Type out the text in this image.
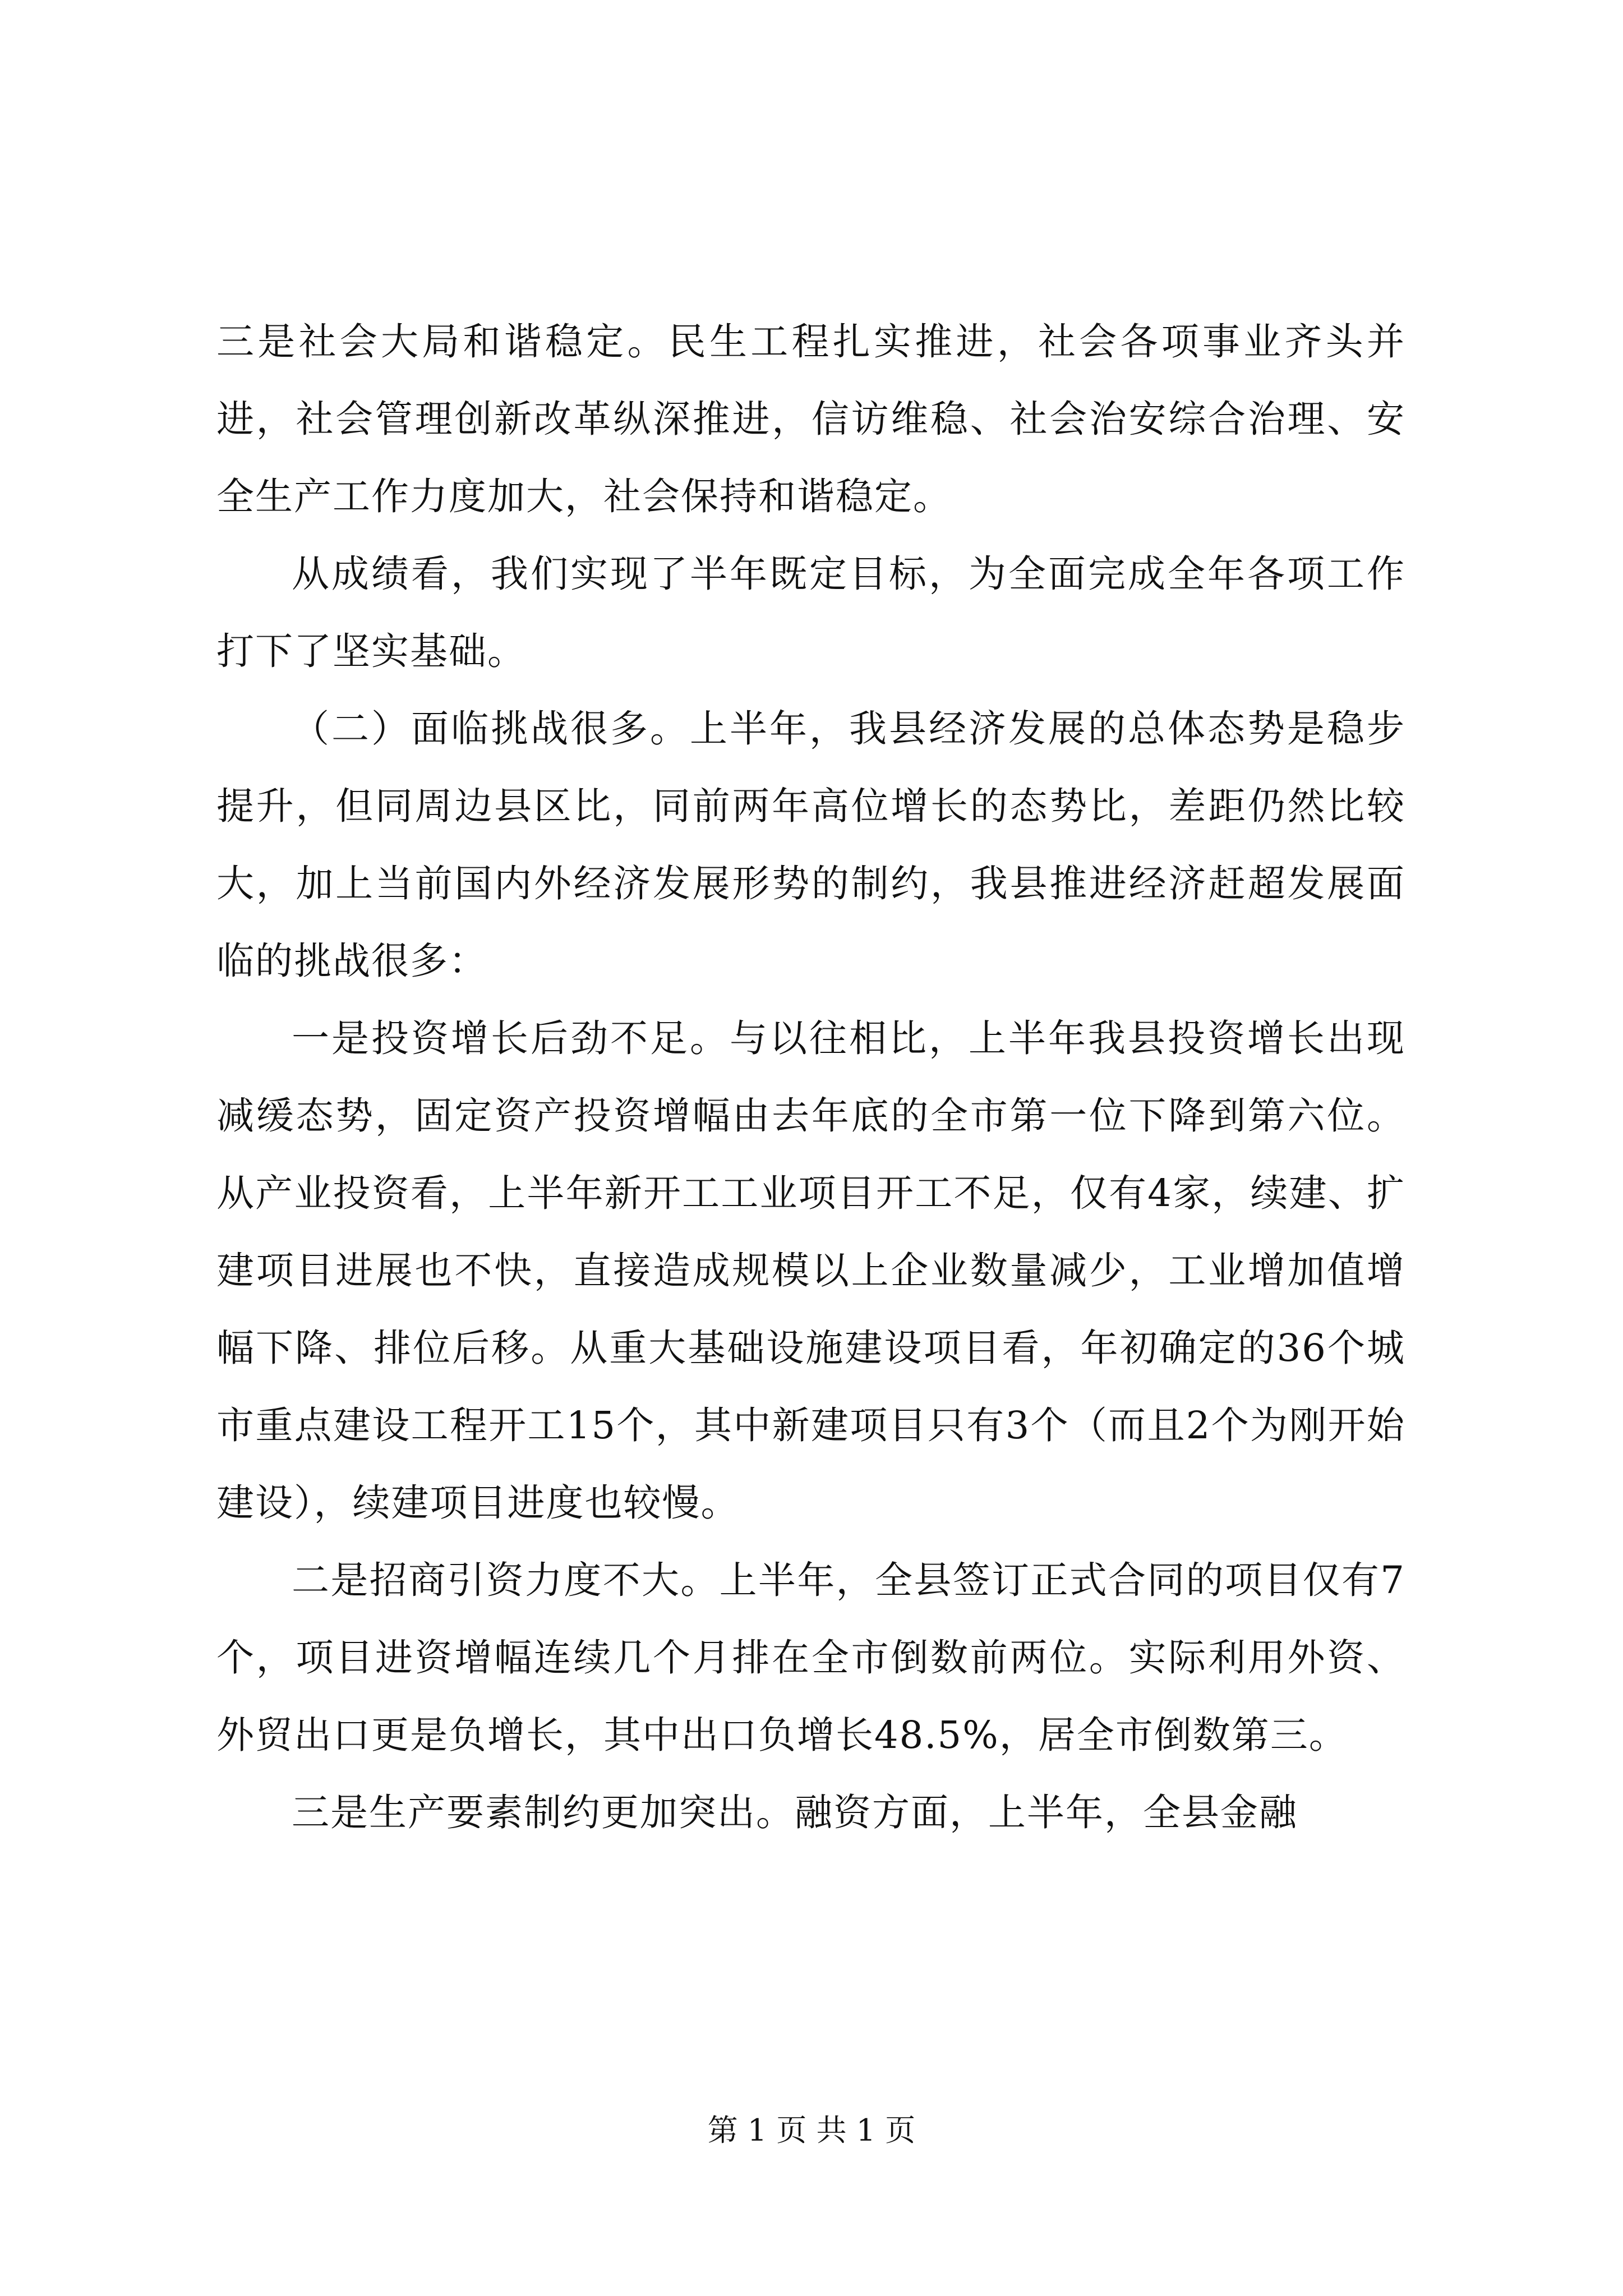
三是社会大局和谐稳定。民生工程扎实推进，社会各项事业齐头并进，社会管理创新改革纵深推进，信访维稳、社会治安综合治理、安全生产工作力度加大，社会保持和谐稳定。

从成绩看，我们实现了半年既定目标，为全面完成全年各项工作打下了坚实基础。

（二）面临挑战很多。上半年，我县经济发展的总体态势是稳步提升，但同周边县区比，同前两年高位增长的态势比，差距仍然比较大，加上当前国内外经济发展形势的制约，我县推进经济赶超发展面临的挑战很多：

一是投资增长后劲不足。与以往相比，上半年我县投资增长出现减缓态势，固定资产投资增幅由去年底的全市第一位下降到第六位。从产业投资看，上半年新开工工业项目开工不足，仅有4家，续建、扩建项目进展也不快，直接造成规模以上企业数量减少，工业增加值增幅下降、排位后移。从重大基础设施建设项目看，年初确定的36个城市重点建设工程开工15个，其中新建项目只有3个（而且2个为刚开始建设），续建项目进度也较慢。

二是招商引资力度不大。上半年，全县签订正式合同的项目仅有7个，项目进资增幅连续几个月排在全市倒数前两位。实际利用外资、外贸出口更是负增长，其中出口负增长48.5%，居全市倒数第三。

三是生产要素制约更加突出。融资方面，上半年，全县金融

第 1 页 共 1 页
